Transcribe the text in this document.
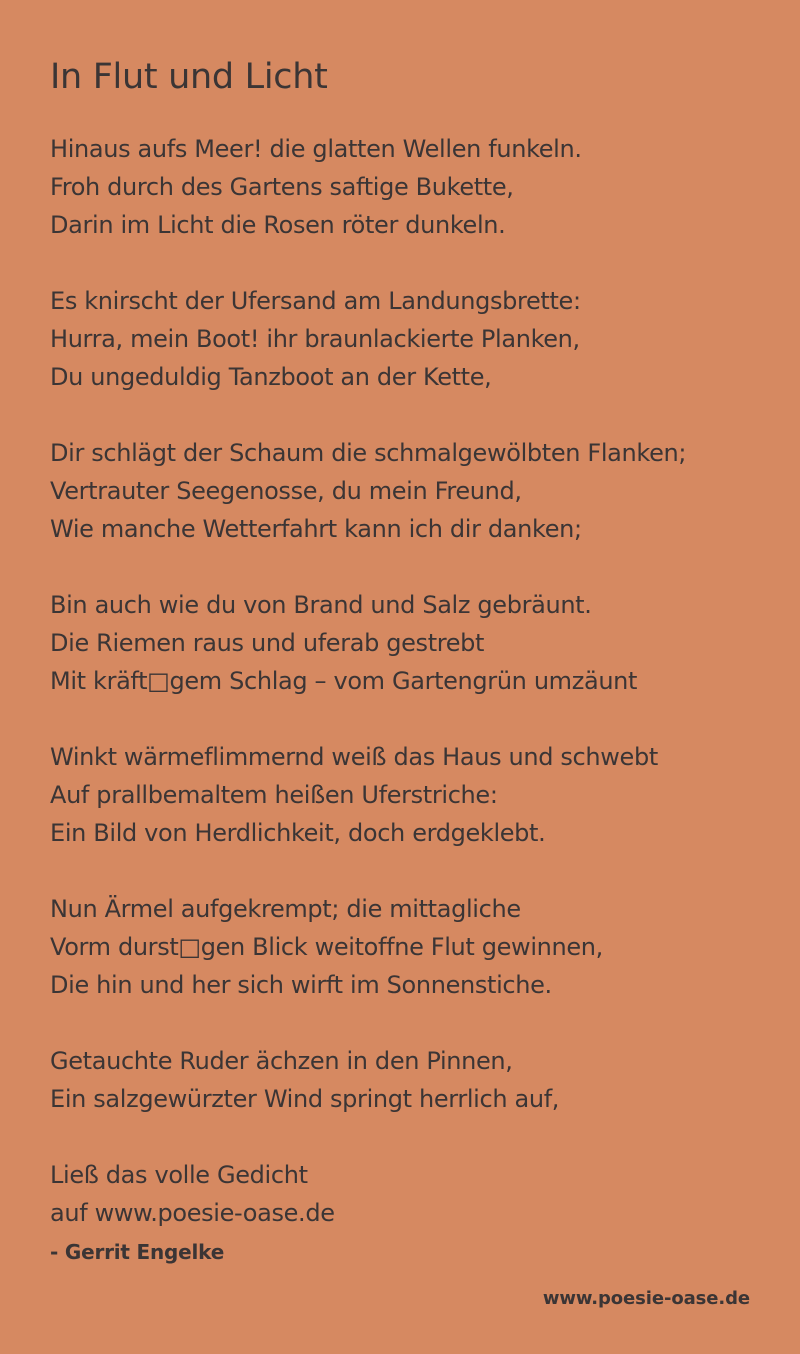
In Flut und Licht
Hinaus aufs Meer! die glatten Wellen funkeln.
Froh durch des Gartens saftige Bukette,
Darin im Licht die Rosen röter dunkeln.
Es knirscht der Ufersand am Landungsbrette:
Hurra, mein Boot! ihr braunlackierte Planken,
Du ungeduldig Tanzboot an der Kette,
Dir schlägt der Schaum die schmalgewölbten Flanken;
Vertrauter Seegenosse, du mein Freund,
Wie manche Wetterfahrt kann ich dir danken;
Bin auch wie du von Brand und Salz gebräunt.
Die Riemen raus und uferab gestrebt
Mit kräft□gem Schlag – vom Gartengrün umzäunt
Winkt wärmeflimmernd weiß das Haus und schwebt
Auf prallbemaltem heißen Uferstriche:
Ein Bild von Herdlichkeit, doch erdgeklebt.
Nun Ärmel aufgekrempt; die mittagliche
Vorm durst□gen Blick weitoffne Flut gewinnen,
Die hin und her sich wirft im Sonnenstiche.
Getauchte Ruder ächzen in den Pinnen,
Ein salzgewürzter Wind springt herrlich auf,
Ließ das volle Gedicht
auf www.poesie-oase.de
- Gerrit Engelke
www.poesie-oase.de
